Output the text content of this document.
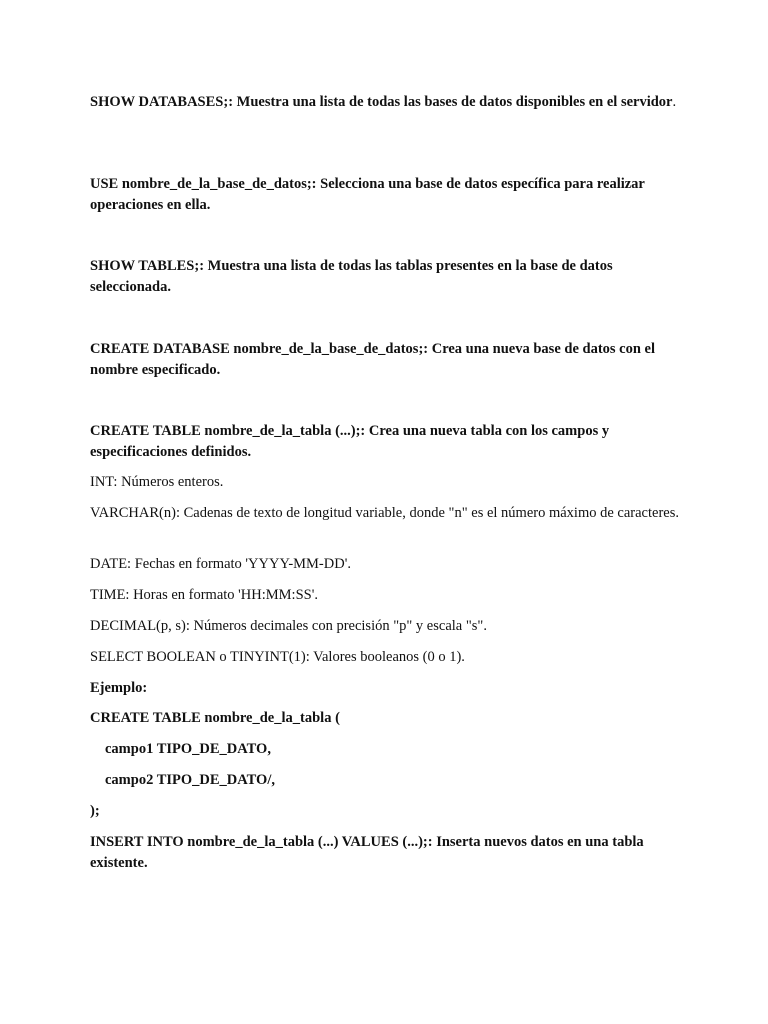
SHOW DATABASES;: Muestra una lista de todas las bases de datos disponibles en el servidor.

USE nombre_de_la_base_de_datos;: Selecciona una base de datos específica para realizar operaciones en ella.

SHOW TABLES;: Muestra una lista de todas las tablas presentes en la base de datos seleccionada.

CREATE DATABASE nombre_de_la_base_de_datos;: Crea una nueva base de datos con el nombre especificado.

CREATE TABLE nombre_de_la_tabla (...);: Crea una nueva tabla con los campos y especificaciones definidos.

INT: Números enteros.

VARCHAR(n): Cadenas de texto de longitud variable, donde "n" es el número máximo de caracteres.

DATE: Fechas en formato 'YYYY-MM-DD'.

TIME: Horas en formato 'HH:MM:SS'.

DECIMAL(p, s): Números decimales con precisión "p" y escala "s".

SELECT BOOLEAN o TINYINT(1): Valores booleanos (0 o 1).

Ejemplo:

CREATE TABLE nombre_de_la_tabla (

campo1 TIPO_DE_DATO,

campo2 TIPO_DE_DATO/,

);

INSERT INTO nombre_de_la_tabla (...) VALUES (...);: Inserta nuevos datos en una tabla existente.
